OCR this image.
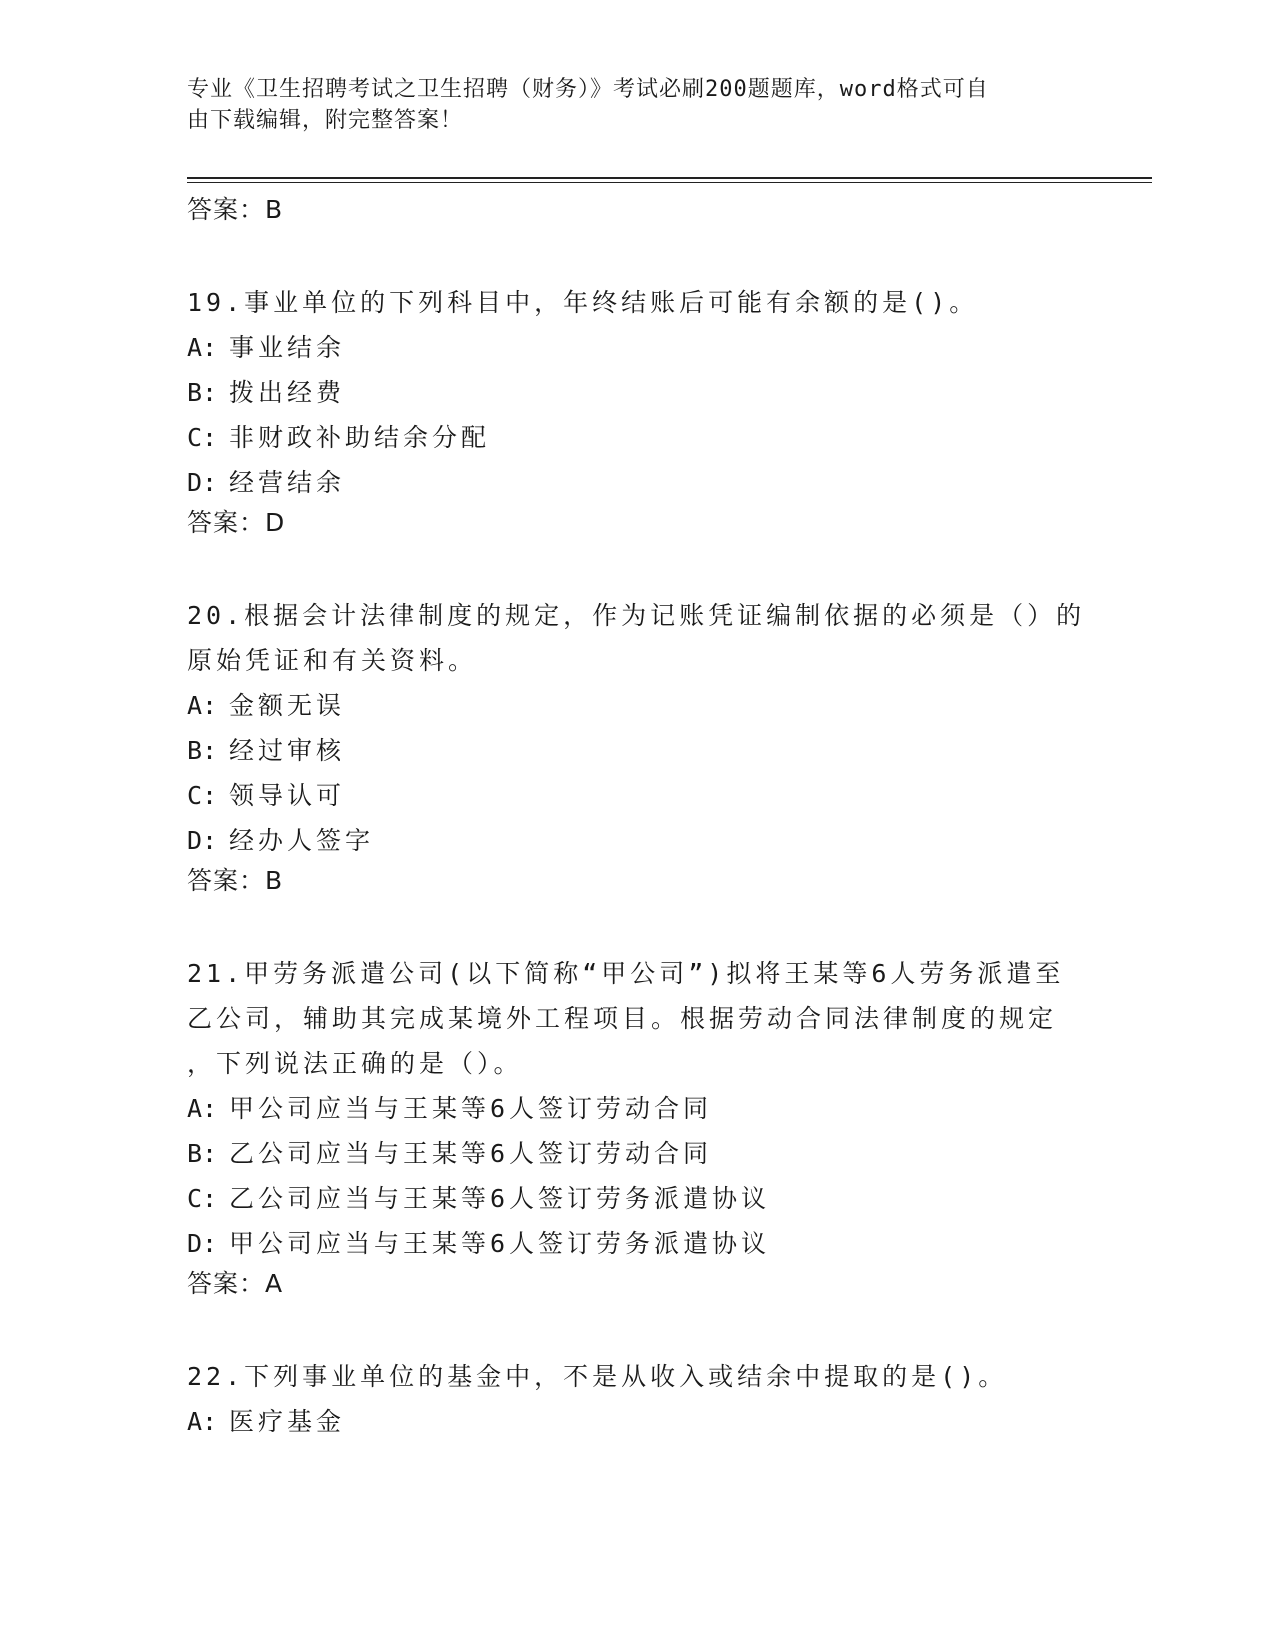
专业《卫生招聘考试之卫生招聘（财务）》考试必刷200题题库，word格式可自
由下载编辑，附完整答案！

答案：B

19.事业单位的下列科目中，年终结账后可能有余额的是()。

A: 事业结余

B: 拨出经费

C: 非财政补助结余分配

D: 经营结余

答案：D

20.根据会计法律制度的规定，作为记账凭证编制依据的必须是（）的

原始凭证和有关资料。

A: 金额无误

B: 经过审核

C: 领导认可

D: 经办人签字

答案：B

21.甲劳务派遣公司(以下简称“甲公司”)拟将王某等6人劳务派遣至

乙公司，辅助其完成某境外工程项目。根据劳动合同法律制度的规定

，下列说法正确的是（）。

A: 甲公司应当与王某等6人签订劳动合同

B: 乙公司应当与王某等6人签订劳动合同

C: 乙公司应当与王某等6人签订劳务派遣协议

D: 甲公司应当与王某等6人签订劳务派遣协议

答案：A

22.下列事业单位的基金中，不是从收入或结余中提取的是()。

A: 医疗基金
